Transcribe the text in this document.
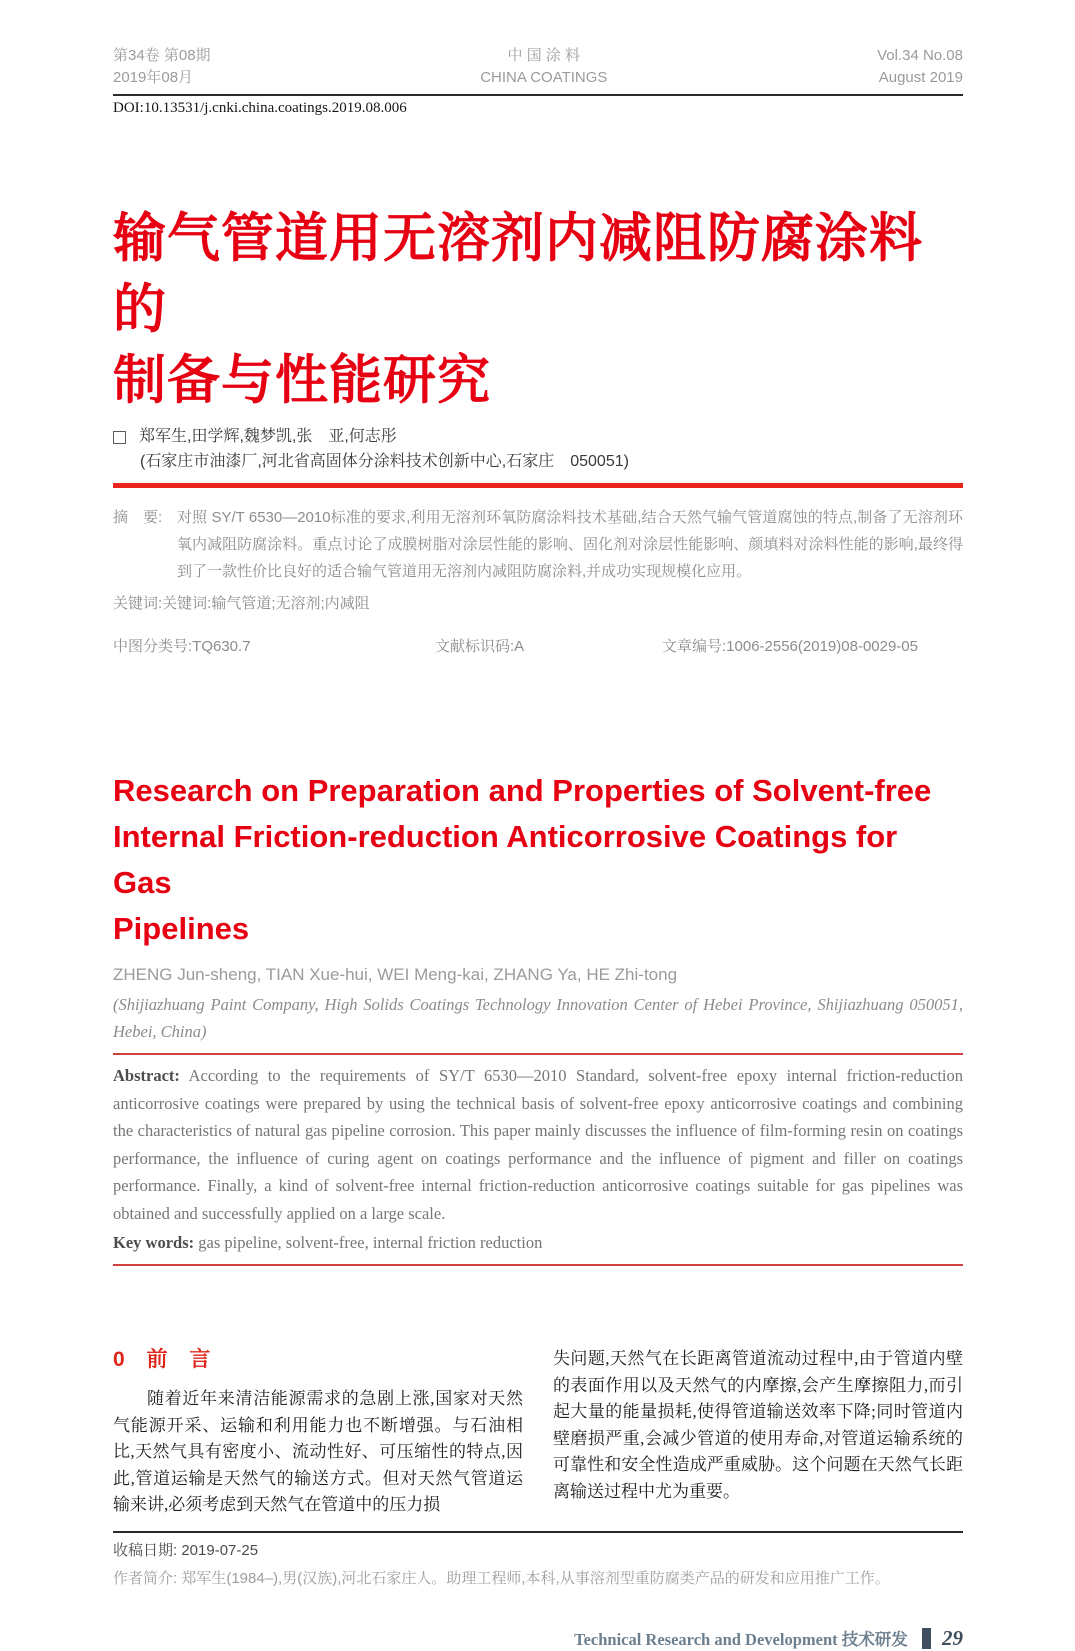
第34卷 第08期
2019年08月
中 国 涂 料
CHINA COATINGS
Vol.34 No.08
August 2019
DOI:10.13531/j.cnki.china.coatings.2019.08.006
输气管道用无溶剂内减阻防腐涂料的
制备与性能研究
郑军生,田学辉,魏梦凯,张　亚,何志彤
(石家庄市油漆厂,河北省高固体分涂料技术创新中心,石家庄　050051)
摘　要: 对照 SY/T 6530—2010标准的要求,利用无溶剂环氧防腐涂料技术基础,结合天然气输气管道腐蚀的特点,制备了无溶剂环氧内减阻防腐涂料。重点讨论了成膜树脂对涂层性能的影响、固化剂对涂层性能影响、颜填料对涂料性能的影响,最终得到了一款性价比良好的适合输气管道用无溶剂内减阻防腐涂料,并成功实现规模化应用。
关键词:关键词:输气管道;无溶剂;内减阻
中图分类号:TQ630.7	文献标识码:A	文章编号:1006-2556(2019)08-0029-05
Research on Preparation and Properties of Solvent-free
Internal Friction-reduction Anticorrosive Coatings for Gas
Pipelines
ZHENG Jun-sheng, TIAN Xue-hui, WEI Meng-kai, ZHANG Ya, HE Zhi-tong
(Shijiazhuang Paint Company, High Solids Coatings Technology Innovation Center of Hebei Province, Shijiazhuang 050051, Hebei, China)
Abstract: According to the requirements of SY/T 6530—2010 Standard, solvent-free epoxy internal friction-reduction anticorrosive coatings were prepared by using the technical basis of solvent-free epoxy anticorrosive coatings and combining the characteristics of natural gas pipeline corrosion. This paper mainly discusses the influence of film-forming resin on coatings performance, the influence of curing agent on coatings performance and the influence of pigment and filler on coatings performance. Finally, a kind of solvent-free internal friction-reduction anticorrosive coatings suitable for gas pipelines was obtained and successfully applied on a large scale.
Key words: gas pipeline, solvent-free, internal friction reduction
0 前 言
随着近年来清洁能源需求的急剧上涨,国家对天然气能源开采、运输和利用能力也不断增强。与石油相比,天然气具有密度小、流动性好、可压缩性的特点,因此,管道运输是天然气的输送方式。但对天然气管道运输来讲,必须考虑到天然气在管道中的压力损
失问题,天然气在长距离管道流动过程中,由于管道内壁的表面作用以及天然气的内摩擦,会产生摩擦阻力,而引起大量的能量损耗,使得管道输送效率下降;同时管道内壁磨损严重,会减少管道的使用寿命,对管道运输系统的可靠性和安全性造成严重威胁。这个问题在天然气长距离输送过程中尤为重要。
收稿日期: 2019-07-25
作者简介: 郑军生(1984–),男(汉族),河北石家庄人。助理工程师,本科,从事溶剂型重防腐类产品的研发和应用推广工作。
Technical Research and Development 技术研发 29
